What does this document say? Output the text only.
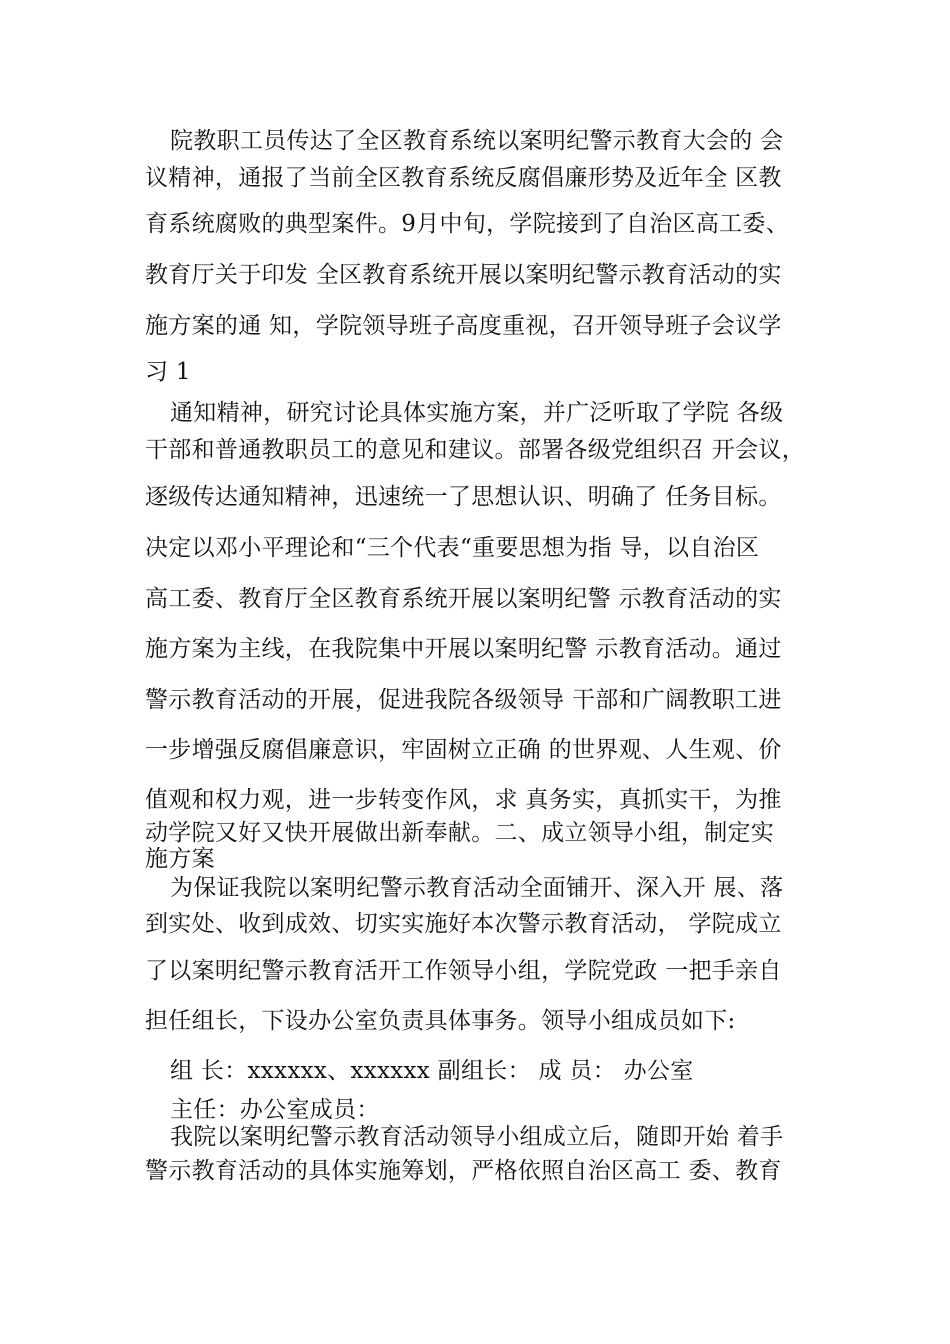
院教职工员传达了全区教育系统以案明纪警示教育大会的 会
议精神，通报了当前全区教育系统反腐倡廉形势及近年全 区教
育系统腐败的典型案件。9月中旬，学院接到了自治区高工委、
教育厅关于印发 全区教育系统开展以案明纪警示教育活动的实
施方案的通 知，学院领导班子高度重视，召开领导班子会议学
习 1
通知精神，研究讨论具体实施方案，并广泛听取了学院 各级
干部和普通教职员工的意见和建议。部署各级党组织召 开会议，
逐级传达通知精神，迅速统一了思想认识、明确了 任务目标。
决定以邓小平理论和“三个代表“重要思想为指 导，以自治区
高工委、教育厅全区教育系统开展以案明纪警 示教育活动的实
施方案为主线，在我院集中开展以案明纪警 示教育活动。通过
警示教育活动的开展，促进我院各级领导 干部和广阔教职工进
一步增强反腐倡廉意识，牢固树立正确 的世界观、人生观、价
值观和权力观，进一步转变作风，求 真务实，真抓实干，为推
动学院又好又快开展做出新奉献。二、成立领导小组，制定实
施方案
为保证我院以案明纪警示教育活动全面铺开、深入开 展、落
到实处、收到成效、切实实施好本次警示教育活动， 学院成立
了以案明纪警示教育活开工作领导小组，学院党政 一把手亲自
担任组长，下设办公室负责具体事务。领导小组成员如下:
组 长：xxxxxx、xxxxxx 副组长： 成 员： 办公室
主任：办公室成员：
我院以案明纪警示教育活动领导小组成立后，随即开始 着手
警示教育活动的具体实施筹划，严格依照自治区高工 委、教育
